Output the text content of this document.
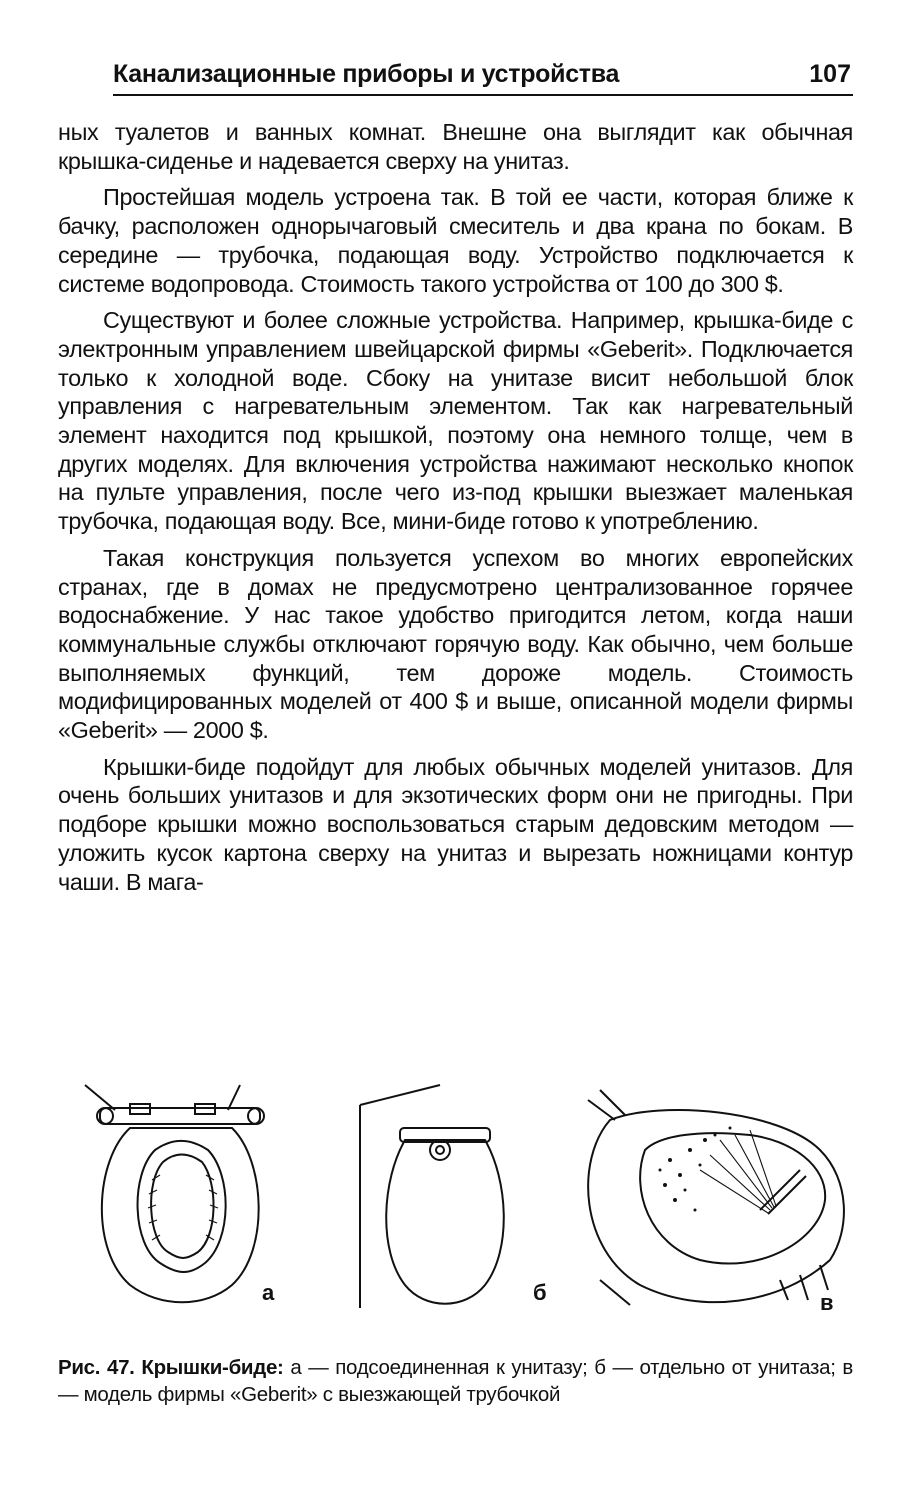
Канализационные приборы и устройства	107

ных туалетов и ванных комнат. Внешне она выглядит как обычная крышка-сиденье и надевается сверху на унитаз.

Простейшая модель устроена так. В той ее части, которая ближе к бачку, расположен однорычаговый смеситель и два крана по бокам. В середине — трубочка, подающая воду. Устройство подключается к системе водопровода. Стоимость такого устройства от 100 до 300 $.

Существуют и более сложные устройства. Например, крышка-биде с электронным управлением швейцарской фирмы «Geberit». Подключается только к холодной воде. Сбоку на унитазе висит небольшой блок управления с нагревательным элементом. Так как нагревательный элемент находится под крышкой, поэтому она немного толще, чем в других моделях. Для включения устройства нажимают несколько кнопок на пульте управления, после чего из-под крышки выезжает маленькая трубочка, подающая воду. Все, мини-биде готово к употреблению.

Такая конструкция пользуется успехом во многих европейских странах, где в домах не предусмотрено централизованное горячее водоснабжение. У нас такое удобство пригодится летом, когда наши коммунальные службы отключают горячую воду. Как обычно, чем больше выполняемых функций, тем дороже модель. Стоимость модифицированных моделей от 400 $ и выше, описанной модели фирмы «Geberit» — 2000 $.

Крышки-биде подойдут для любых обычных моделей унитазов. Для очень больших унитазов и для экзотических форм они не пригодны. При подборе крышки можно воспользоваться старым дедовским методом — уложить кусок картона сверху на унитаз и вырезать ножницами контур чаши. В мага-

а	б	в

Рис. 47. Крышки-биде: а — подсоединенная к унитазу; б — отдельно от унитаза; в — модель фирмы «Geberit» с выезжающей трубочкой
